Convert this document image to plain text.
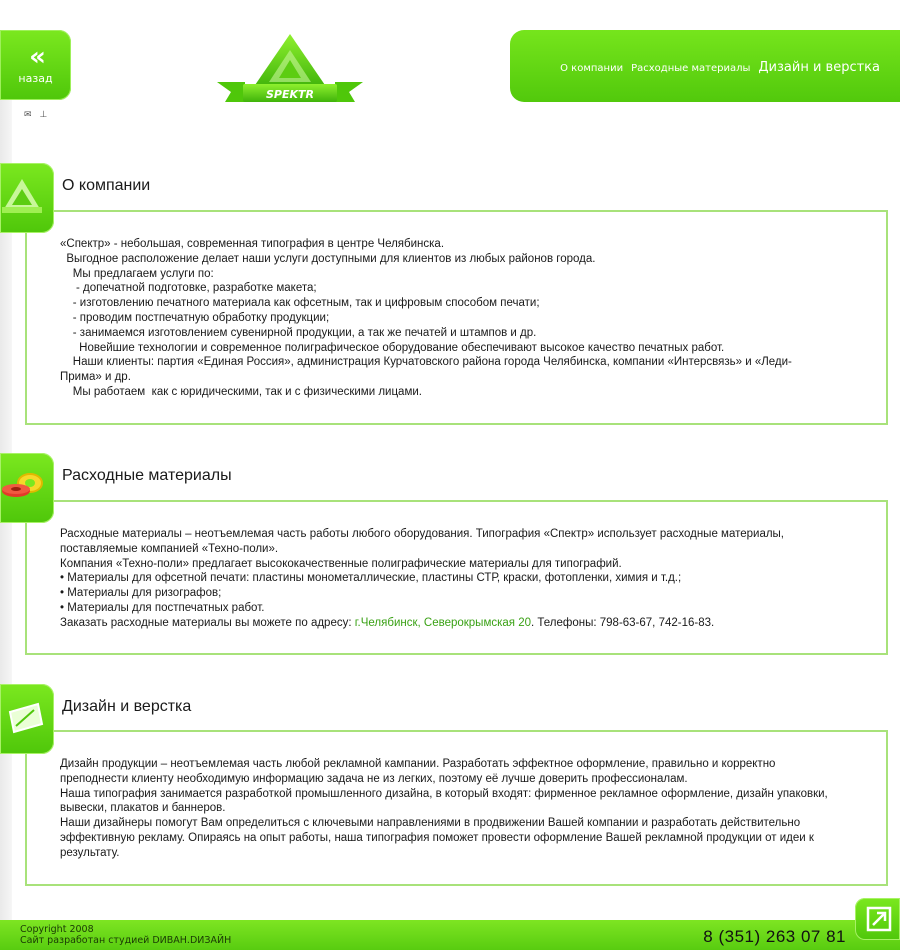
«
назад
✉ ⊥
SPEKTR
О компании Расходные материалы Дизайн и верстка
О компании

«Спектр» - небольшая, современная типография в центре Челябинска.

Выгодное расположение делает наши услуги доступными для клиентов из любых районов города.

Мы предлагаем услуги по:

- допечатной подготовке, разработке макета;

- изготовлению печатного материала как офсетным, так и цифровым способом печати;

- проводим постпечатную обработку продукции;

- занимаемся изготовлением сувенирной продукции, а так же печатей и штампов и др.

Новейшие технологии и современное полиграфическое оборудование обеспечивают высокое качество печатных работ.

Наши клиенты: партия «Единая Россия», администрация Курчатовского района города Челябинска, компании «Интерсвязь» и «Леди-

Прима» и др.

Мы работаем  как с юридическими, так и с физическими лицами.

Расходные материалы

Расходные материалы – неотъемлемая часть работы любого оборудования. Типография «Спектр» использует расходные материалы,

поставляемые компанией «Техно-поли».

Компания «Техно-поли» предлагает высококачественные полиграфические материалы для типографий.

• Материалы для офсетной печати: пластины монометаллические, пластины СТР, краски, фотопленки, химия и т.д.;

• Материалы для ризографов;

• Материалы для постпечатных работ.

Заказать расходные материалы вы можете по адресу: г.Челябинск, Северокрымская 20. Телефоны: 798-63-67, 742-16-83.

Дизайн и верстка

Дизайн продукции – неотъемлемая часть любой рекламной кампании. Разработать эффектное оформление, правильно и корректно

преподнести клиенту необходимую информацию задача не из легких, поэтому её лучше доверить профессионалам.

Наша типография занимается разработкой промышленного дизайна, в который входят: фирменное рекламное оформление, дизайн упаковки,

вывески, плакатов и баннеров.

Наши дизайнеры помогут Вам определиться с ключевыми направлениями в продвижении Вашей компании и разработать действительно

эффективную рекламу. Опираясь на опыт работы, наша типография поможет провести оформление Вашей рекламной продукции от идеи к

результату.

Copyright 2008
Сайт разработан студией DИВАН.DИЗАЙН	8 (351) 263 07 81
